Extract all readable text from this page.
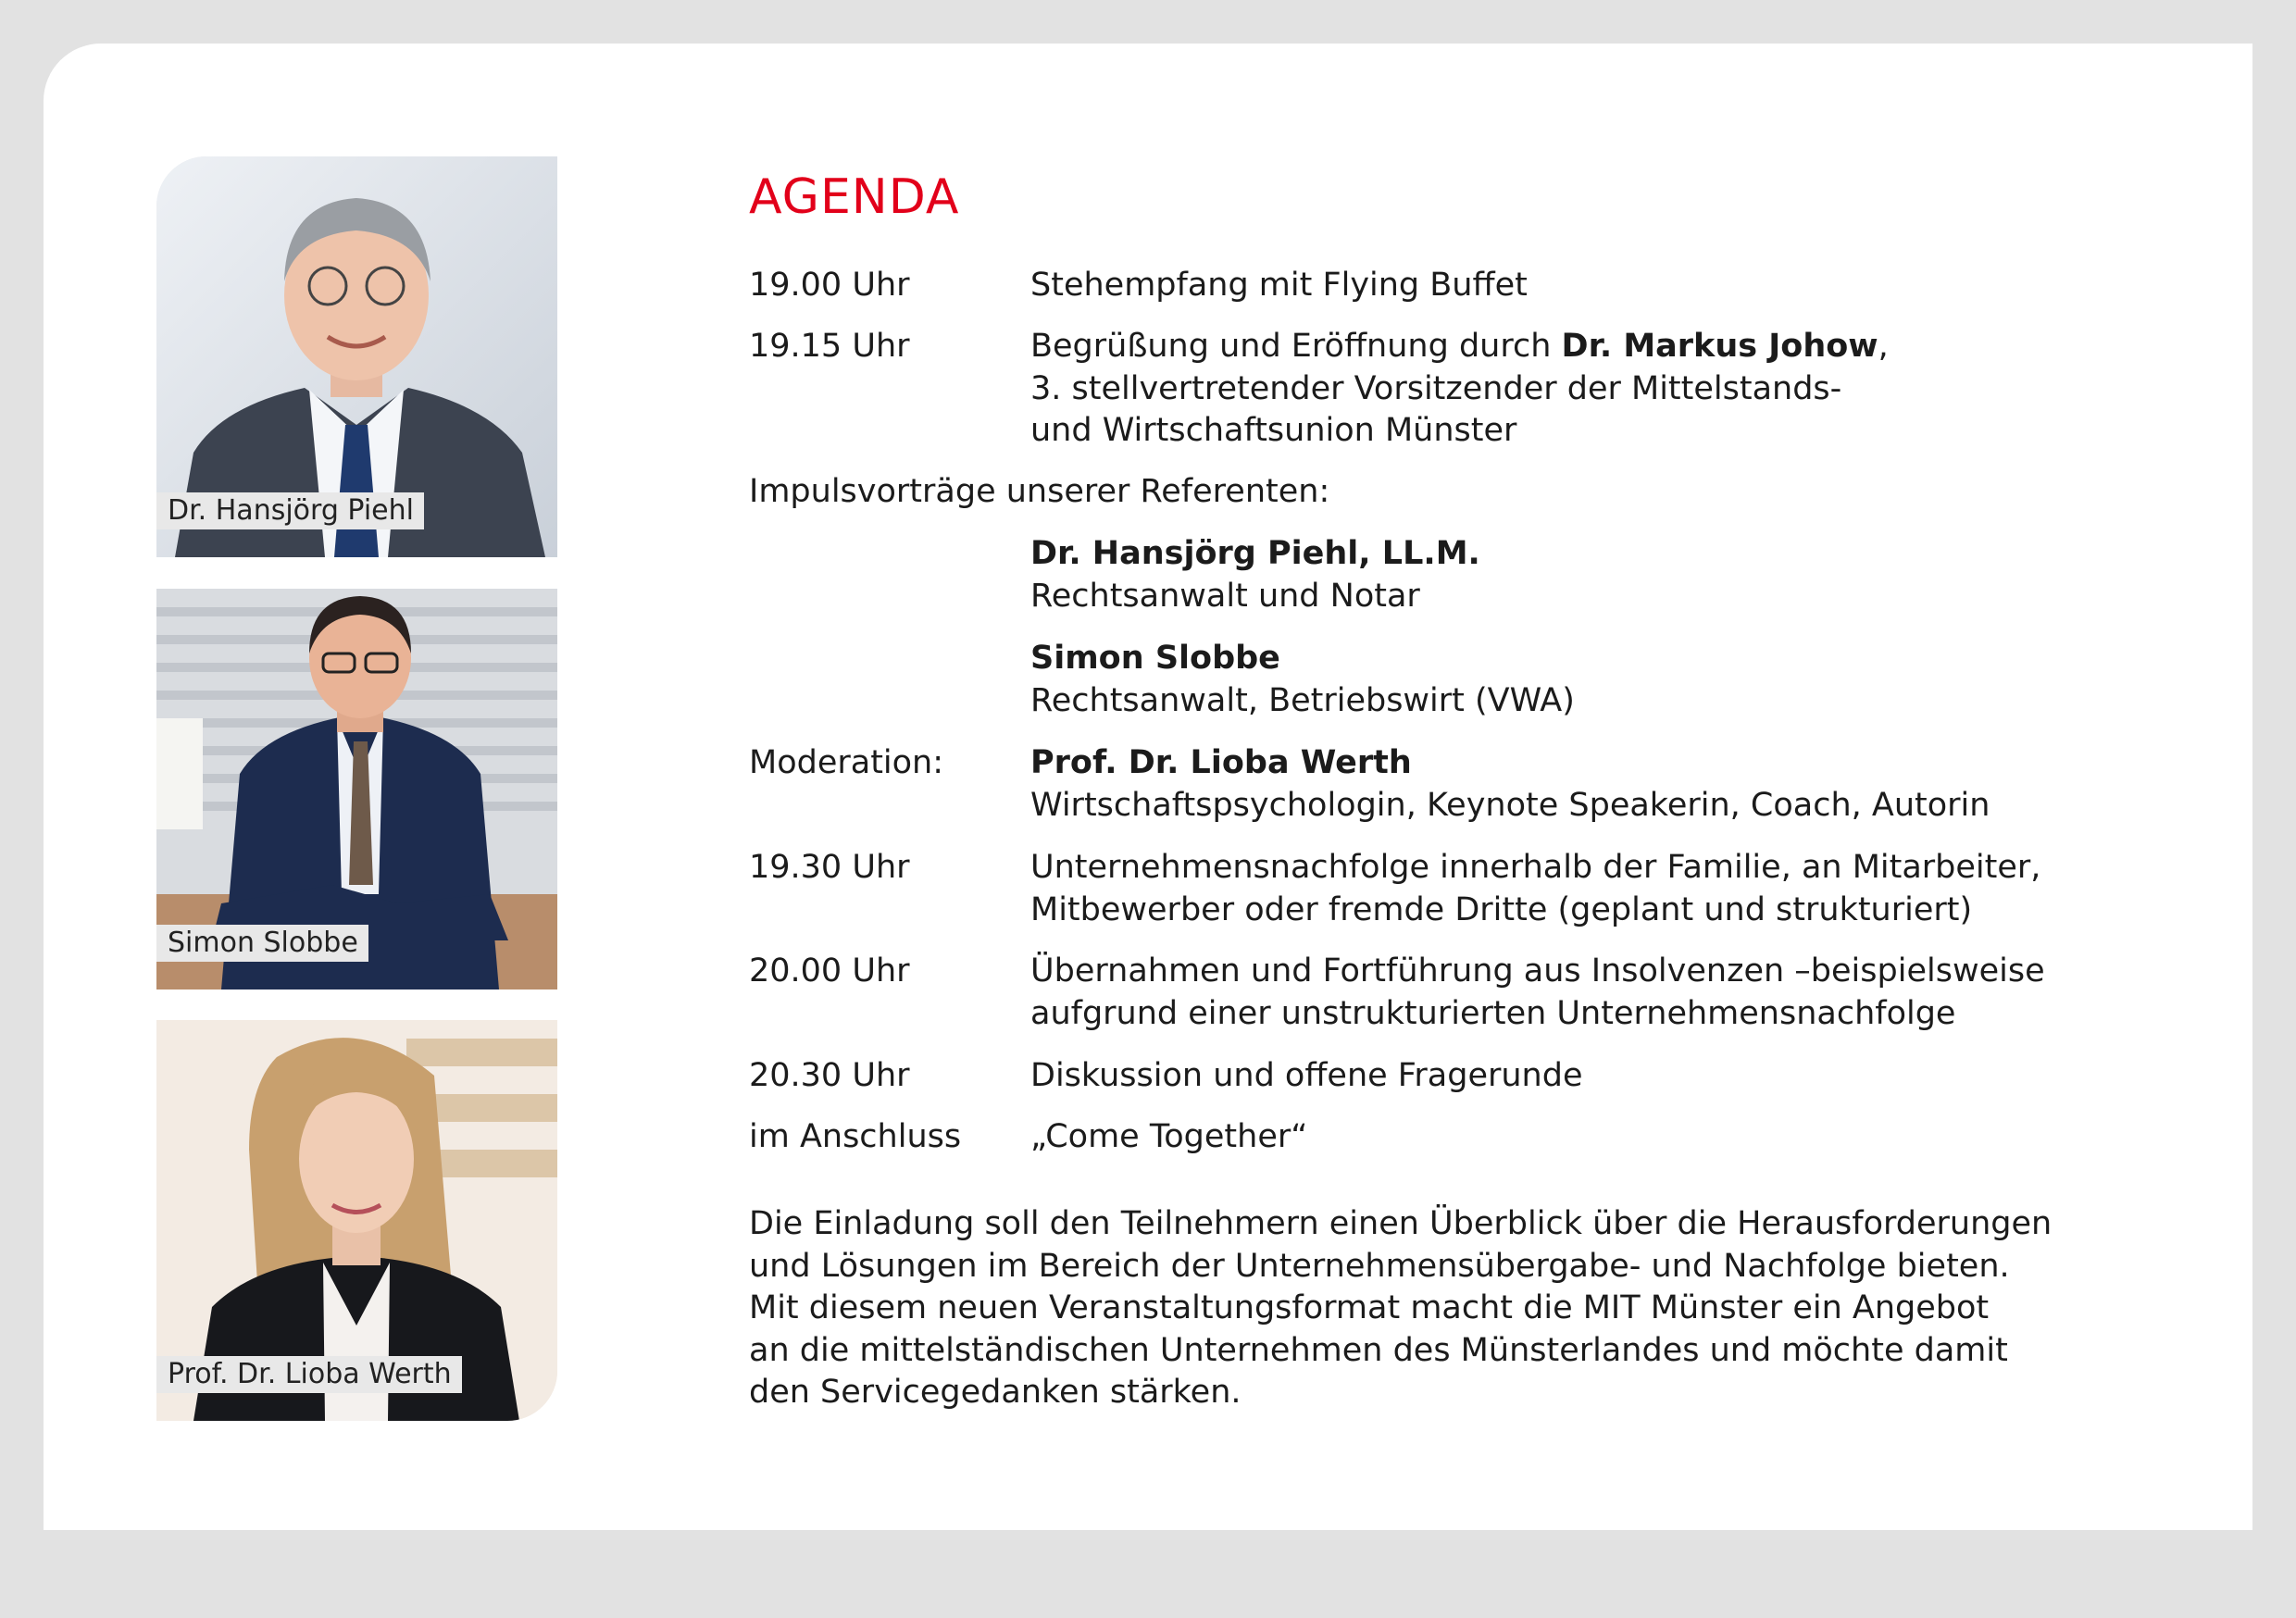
Dr. Hansjörg Piehl
Simon Slobbe
Prof. Dr. Lioba Werth
AGENDA
19.00 Uhr	Stehempfang mit Flying Buffet
19.15 Uhr	Begrüßung und Eröffnung durch Dr. Markus Johow,
3. stellvertretender Vorsitzender der Mittelstands-
und Wirtschaftsunion Münster
Impulsvorträge unserer Referenten:
Dr. Hansjörg Piehl, LL.M.
Rechtsanwalt und Notar
Simon Slobbe
Rechtsanwalt, Betriebswirt (VWA)
Moderation:	Prof. Dr. Lioba Werth
Wirtschaftspsychologin, Keynote Speakerin, Coach, Autorin
19.30 Uhr	Unternehmensnachfolge innerhalb der Familie, an Mitarbeiter,
Mitbewerber oder fremde Dritte (geplant und strukturiert)
20.00 Uhr	Übernahmen und Fortführung aus Insolvenzen –beispielsweise
aufgrund einer unstrukturierten Unternehmensnachfolge
20.30 Uhr	Diskussion und offene Fragerunde
im Anschluss „Come Together“
Die Einladung soll den Teilnehmern einen Überblick über die Herausforderungen
und Lösungen im Bereich der Unternehmensübergabe- und Nachfolge bieten.
Mit diesem neuen Veranstaltungsformat macht die MIT Münster ein Angebot
an die mittelständischen Unternehmen des Münsterlandes und möchte damit
den Servicegedanken stärken.
